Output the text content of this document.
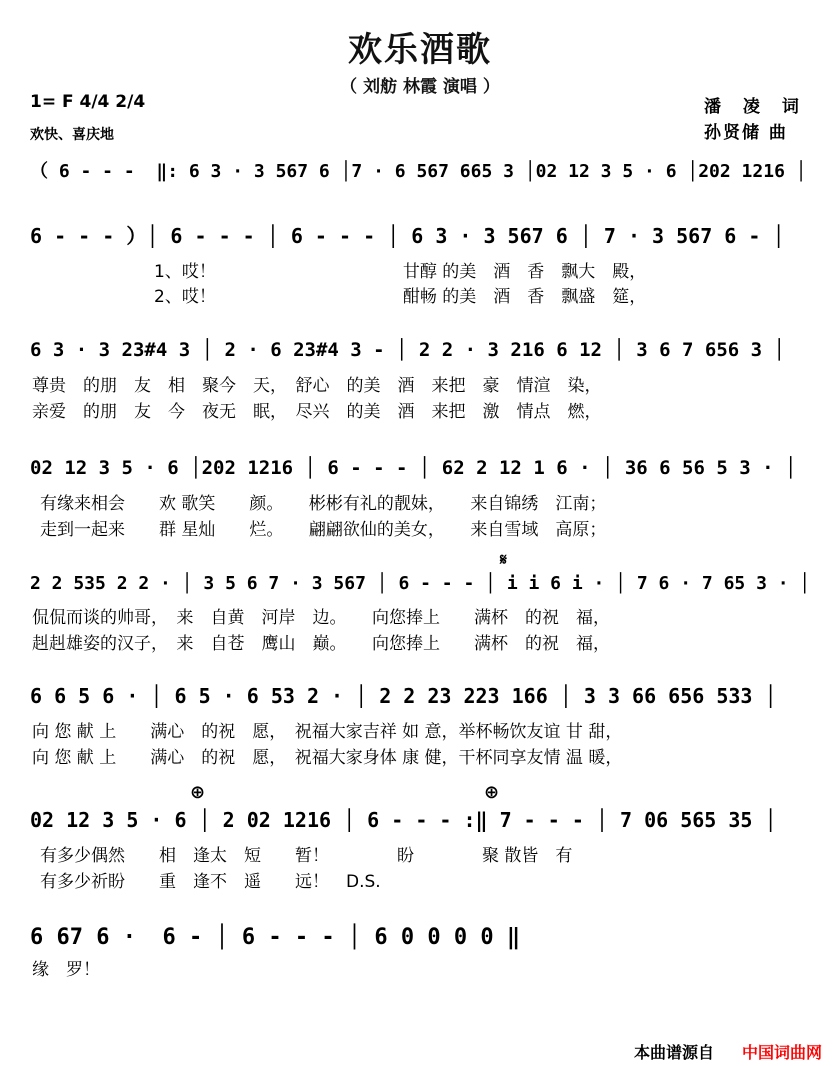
欢乐酒歌
（ 刘舫 林霞 演唱 ）
1= F 4/4 2/4
欢快、喜庆地
潘 凌 词
孙贤储 曲
（ 6 - - -  ‖: 6 3 · 3 567 6 │7 · 6 567 665 3 │02 12 3 5 · 6 │202 1216 │
6 - - - ）│ 6 - - - │ 6 - - - │ 6 3 · 3 567 6 │ 7 · 3 567 6 - │
1、哎！　　　　　　　　　　　甘醇 的美　酒　香　飘大　殿，
2、哎！　　　　　　　　　　　酣畅 的美　酒　香　飘盛　筵，
6 3 · 3 23#4 3 │ 2 · 6 23#4 3 - │ 2 2 · 3 216 6 12 │ 3 6 7 656 3 │
尊贵　的朋　友　相　聚今　天，　舒心　的美　酒　来把　豪　情渲　染，
亲爱　的朋　友　今　夜无　眠，　尽兴　的美　酒　来把　激　情点　燃，
02 12 3 5 · 6 │202 1216 │ 6 - - - │ 62 2 12 1 6 · │ 36 6 56 5 3 · │
有缘来相会　　欢 歌笑　　颜。　　彬彬有礼的靓妹，　　来自锦绣　江南；
走到一起来　　群 星灿　　烂。　　翩翩欲仙的美女，　　来自雪域　高原；
𝄋
2 2 535 2 2 · │ 3 5 6 7 · 3 567 │ 6 - - - │ i i 6 i · │ 7 6 · 7 65 3 · │
侃侃而谈的帅哥，　来　自黄　河岸　边。　　向您捧上　　满杯　的祝　福，
赳赳雄姿的汉子，　来　自苍　鹰山　巅。　　向您捧上　　满杯　的祝　福，
6 6 5 6 · │ 6 5 · 6 53 2 · │ 2 2 23 223 166 │ 3 3 66 656 533 │
向 您 献 上　　满心　的祝　愿，　祝福大家吉祥 如 意，举杯畅饮友谊 甘 甜，
向 您 献 上　　满心　的祝　愿，　祝福大家身体 康 健，干杯同享友情 温 暖，
⊕	⊕
02 12 3 5 · 6 │ 2 02 1216 │ 6 - - - :‖ 7 - - - │ 7 06 565 35 │
有多少偶然　　相　逢太　短　　暂！　　　　盼　　　　聚 散皆　有
有多少祈盼　　重　逢不　遥　　远！　D.S.
6 67 6 ·  6 - │ 6 - - - │ 6 0 0 0 0 ‖
缘　罗！
本曲谱源自 中国词曲网
